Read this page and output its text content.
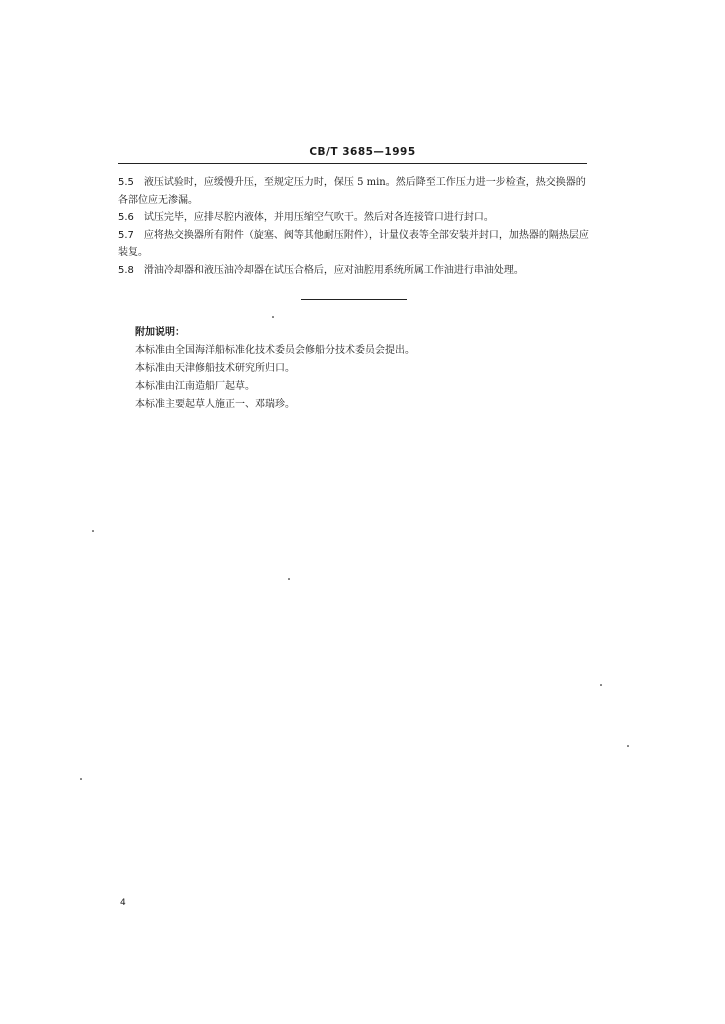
CB/T 3685—1995

5.5 液压试验时，应缓慢升压，至规定压力时，保压 5 min。然后降至工作压力进一步检查，热交换器的各部位应无渗漏。

5.6 试压完毕，应排尽腔内液体，并用压缩空气吹干。然后对各连接管口进行封口。

5.7 应将热交换器所有附件（旋塞、阀等其他耐压附件），计量仪表等全部安装并封口，加热器的隔热层应装复。

5.8 滑油冷却器和液压油冷却器在试压合格后，应对油腔用系统所属工作油进行串油处理。

附加说明：

本标准由全国海洋船标准化技术委员会修船分技术委员会提出。

本标准由天津修船技术研究所归口。

本标准由江南造船厂起草。

本标准主要起草人施正一、邓瑞珍。

4
